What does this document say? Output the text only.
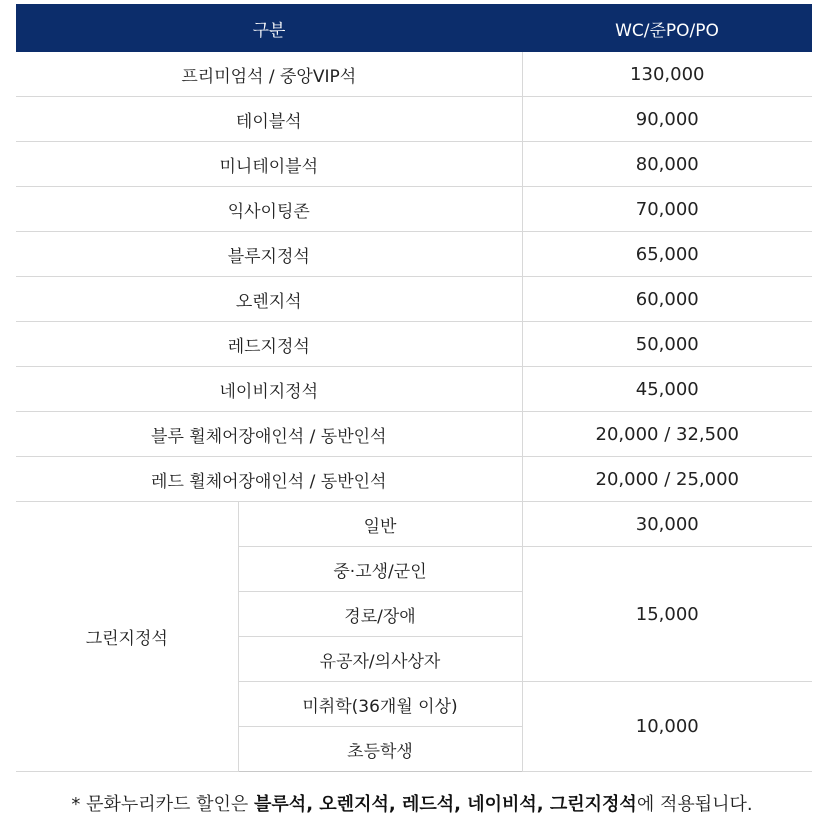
구분		WC/준PO/PO
프리미엄석 / 중앙VIP석		130,000
테이블석		90,000
미니테이블석		80,000
익사이팅존		70,000
블루지정석		65,000
오렌지석		60,000
레드지정석		50,000
네이비지정석		45,000
블루 휠체어장애인석 / 동반인석		20,000 / 32,500
레드 휠체어장애인석 / 동반인석		20,000 / 25,000
그린지정석	일반	30,000
	중·고생/군인	15,000
	경로/장애	
	유공자/의사상자	
	미취학(36개월 이상)	10,000
	초등학생	
* 문화누리카드 할인은 블루석, 오렌지석, 레드석, 네이비석, 그린지정석에 적용됩니다.
